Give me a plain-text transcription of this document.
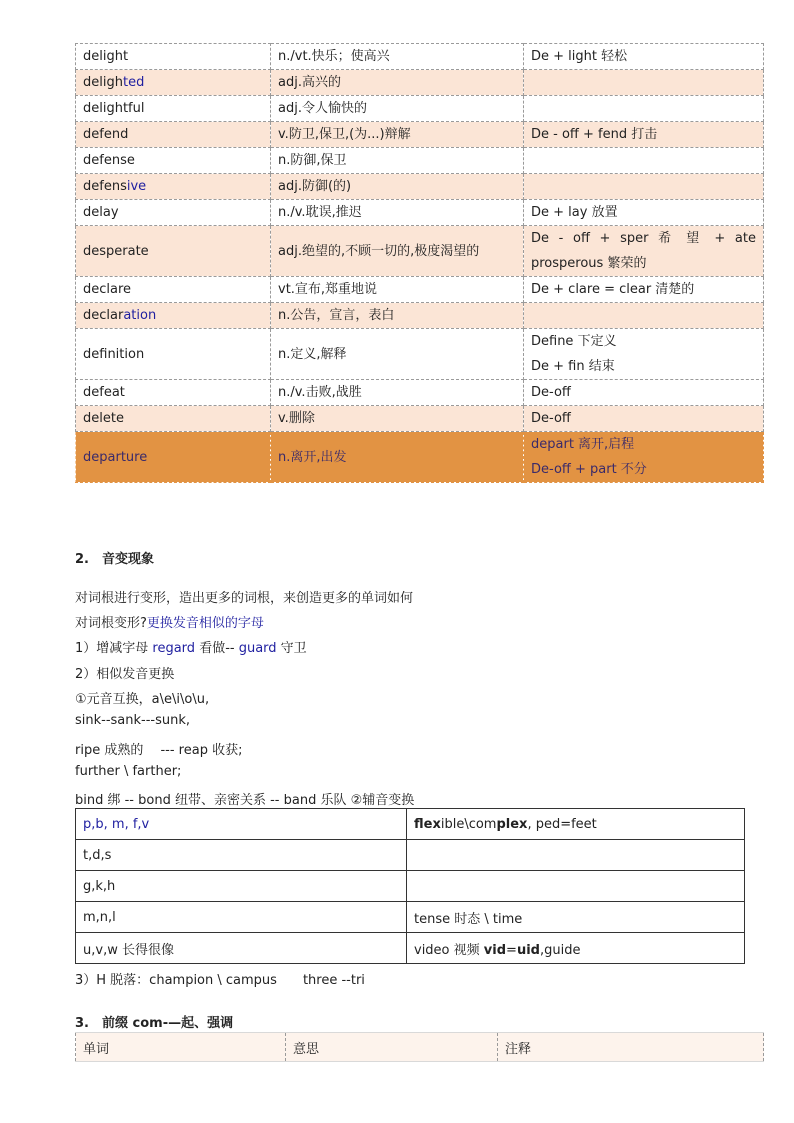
delight	n./vt.快乐；使高兴	De + light 轻松
delighted	adj.高兴的	
delightful	adj.令人愉快的	
defend	v.防卫,保卫,(为...)辩解	De - off + fend 打击
defense	n.防御,保卫	
defensive	adj.防御(的)	
delay	n./v.耽误,推迟	De + lay 放置
desperate	adj.绝望的,不顾一切的,极度渴望的	De - off + sper 希 望 + ate
prosperous 繁荣的

declare	vt.宣布,郑重地说	De + clare = clear 清楚的
declaration	n.公告，宣言，表白	
definition	n.定义,解释	Define 下定义
De + fin 结束

defeat	n./v.击败,战胜	De-off
delete	v.删除	De-off
departure	n.离开,出发	depart 离开,启程
De-off + part 不分
2.　音变现象
对词根进行变形，造出更多的词根，来创造更多的单词如何
对词根变形?更换发音相似的字母
1）增减字母 regard 看做-- guard 守卫
2）相似发音更换
①元音互换，a\e\i\o\u,
sink--sank---sunk,
ripe 成熟的　 --- reap 收获;
further \ farther;
bind 绑 -- bond 纽带、亲密关系 -- band 乐队 ②辅音变换
p,b, m, f,v	flexible\complex, ped=feet
t,d,s	
g,k,h	
m,n,l	tense 时态 \ time
u,v,w 长得很像	video 视频 vid=uid,guide
3）H 脱落：champion \ campus　　three --tri
3.　前缀 com-—起、强调
单词	意思	注释
